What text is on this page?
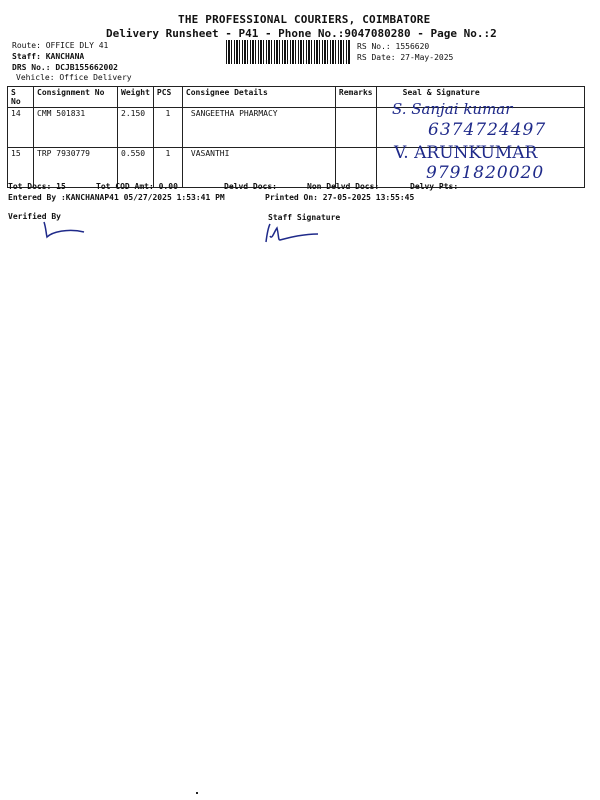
THE PROFESSIONAL COURIERS, COIMBATORE
Delivery Runsheet - P41 - Phone No.:9047080280 - Page No.:2
Route: OFFICE DLY 41
Staff: KANCHANA
DRS No.: DCJB155662002
Vehicle: Office Delivery
RS No.: 1556620
RS Date: 27-May-2025
S No	Consignment No	Weight	PCS	Consignee Details	Remarks	Seal & Signature
14	CMM 501831	2.150	1	SANGEETHA PHARMACY		
15	TRP 7930779	0.550	1	VASANTHI		
S. Sanjai kumar
6374724497
V. ARUNKUMAR
9791820020
Tot Docs: 15	Tot COD Amt: 0.00	Delvd Docs:	Non Delvd Docs:	Delvy Pts:
Entered By :KANCHANAP41 05/27/2025 1:53:41 PM	Printed On: 27-05-2025 13:55:45
Verified By	Staff Signature
